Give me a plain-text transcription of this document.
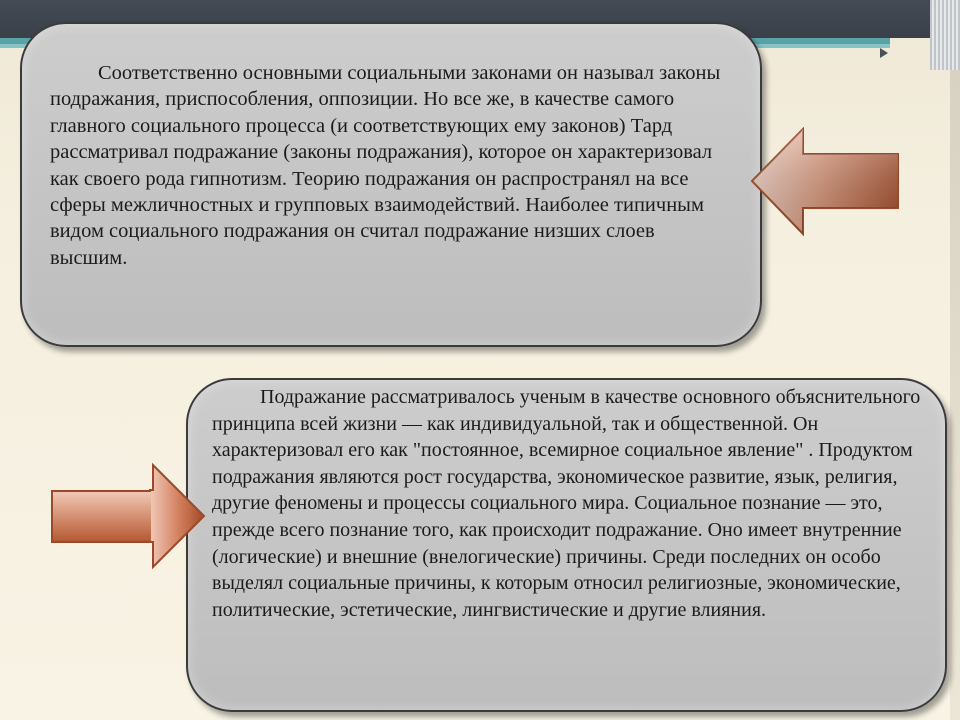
Соответственно основными социальными законами он называл законы подражания, приспособления, оппозиции. Но все же, в качестве самого главного социального процесса (и соответствующих ему законов) Тард рассматривал подражание (законы подражания), которое он характеризовал как своего рода гипнотизм. Теорию подражания он распространял на все сферы межличностных и групповых взаимодействий. Наиболее типичным видом социального подражания он считал подражание низших слоев высшим.

Подражание рассматривалось ученым в качестве основного объяснительного принципа всей жизни — как индивидуальной, так и общественной. Он характеризовал его как "постоянное, всемирное социальное явление" . Продуктом подражания являются рост государства, экономическое развитие, язык, религия, другие феномены и процессы социального мира. Социальное познание — это, прежде всего познание того, как происходит подражание. Оно имеет внутренние (логические) и внешние (внелогические) причины. Среди последних он особо выделял социальные причины, к которым относил религиозные, экономические, политические, эстетические, лингвистические и другие влияния.
